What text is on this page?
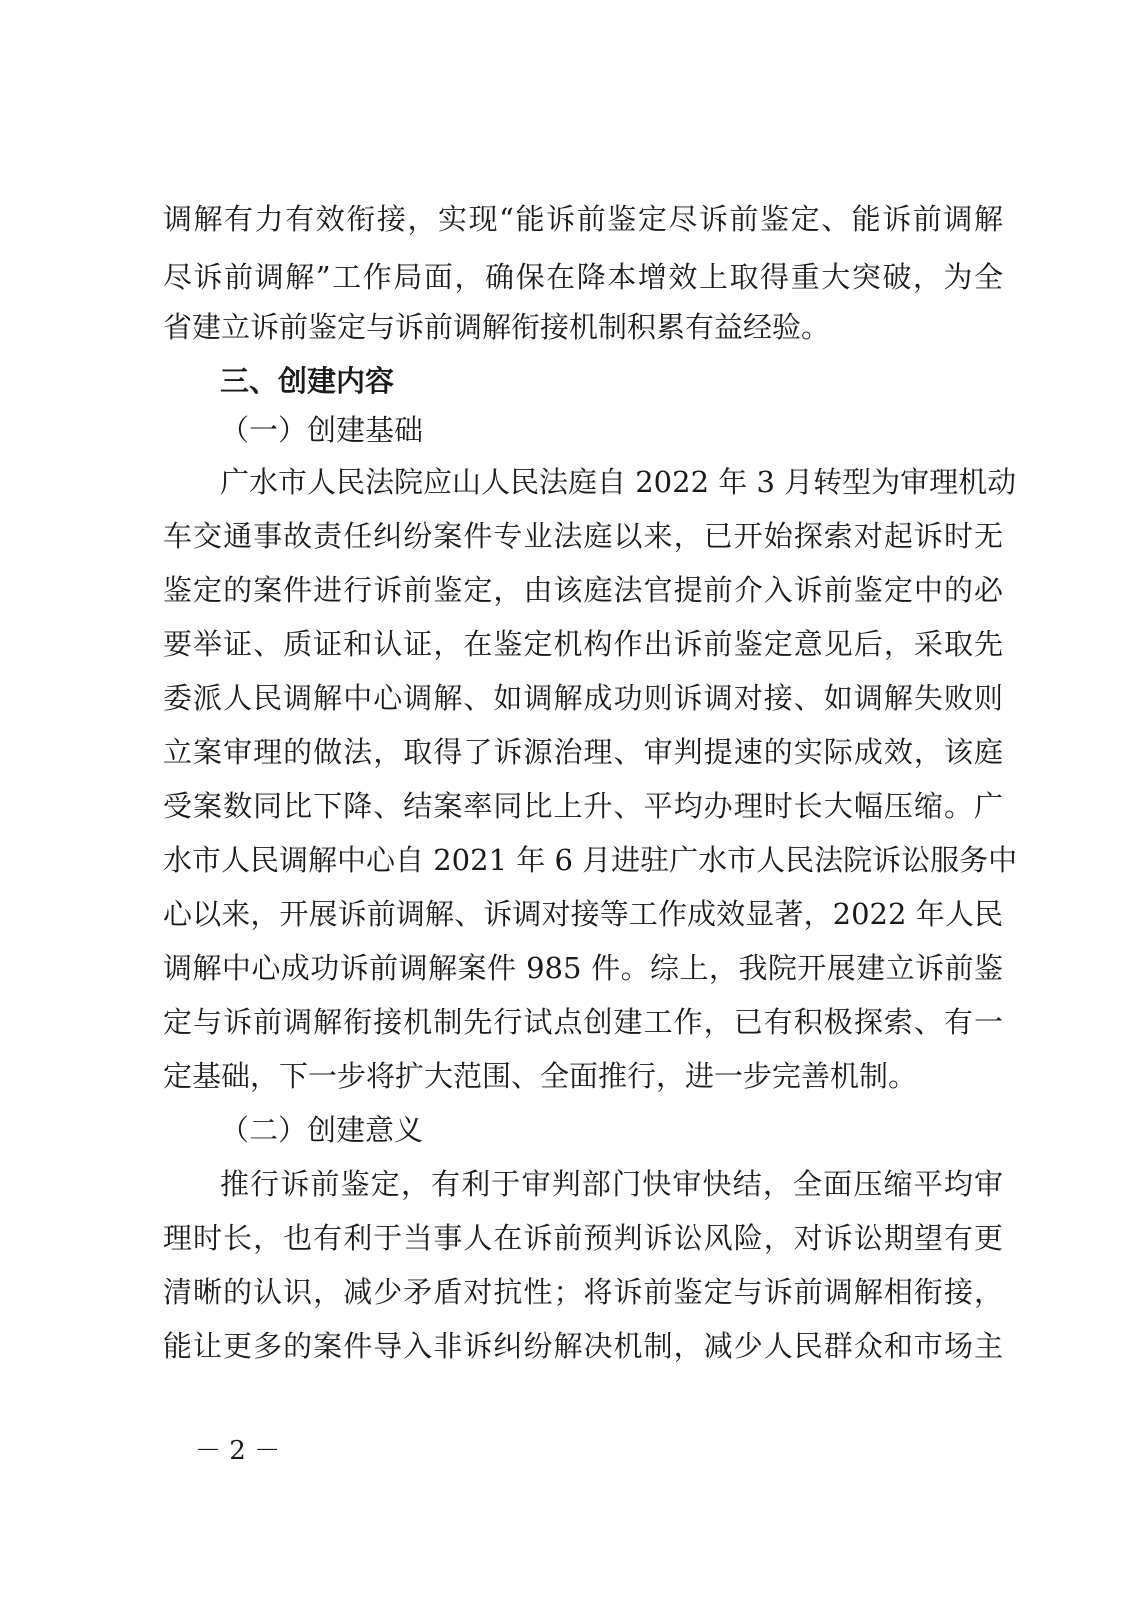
调解有力有效衔接，实现“能诉前鉴定尽诉前鉴定、能诉前调解
尽诉前调解”工作局面，确保在降本增效上取得重大突破，为全
省建立诉前鉴定与诉前调解衔接机制积累有益经验。
三、创建内容
（一）创建基础
广水市人民法院应山人民法庭自 2022 年 3 月转型为审理机动
车交通事故责任纠纷案件专业法庭以来，已开始探索对起诉时无
鉴定的案件进行诉前鉴定，由该庭法官提前介入诉前鉴定中的必
要举证、质证和认证，在鉴定机构作出诉前鉴定意见后，采取先
委派人民调解中心调解、如调解成功则诉调对接、如调解失败则
立案审理的做法，取得了诉源治理、审判提速的实际成效，该庭
受案数同比下降、结案率同比上升、平均办理时长大幅压缩。广
水市人民调解中心自 2021 年 6 月进驻广水市人民法院诉讼服务中
心以来，开展诉前调解、诉调对接等工作成效显著，2022 年人民
调解中心成功诉前调解案件 985 件。综上，我院开展建立诉前鉴
定与诉前调解衔接机制先行试点创建工作，已有积极探索、有一
定基础，下一步将扩大范围、全面推行，进一步完善机制。
（二）创建意义
推行诉前鉴定，有利于审判部门快审快结，全面压缩平均审
理时长，也有利于当事人在诉前预判诉讼风险，对诉讼期望有更
清晰的认识，减少矛盾对抗性；将诉前鉴定与诉前调解相衔接，
能让更多的案件导入非诉纠纷解决机制，减少人民群众和市场主
－ 2 －
